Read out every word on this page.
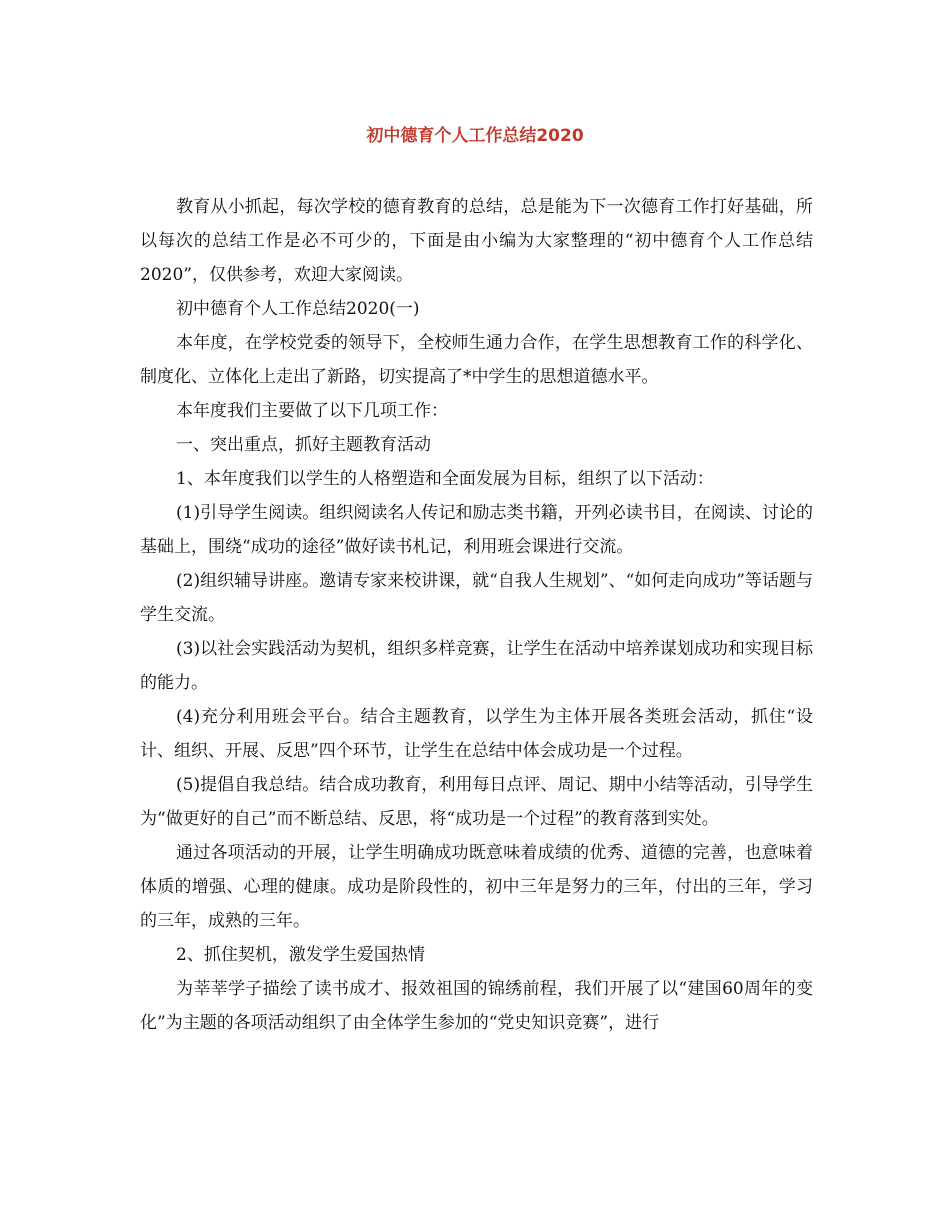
初中德育个人工作总结2020

教育从小抓起，每次学校的德育教育的总结，总是能为下一次德育工作打好基础，所以每次的总结工作是必不可少的，下面是由小编为大家整理的“初中德育个人工作总结2020”，仅供参考，欢迎大家阅读。

初中德育个人工作总结2020(一)

本年度，在学校党委的领导下，全校师生通力合作，在学生思想教育工作的科学化、制度化、立体化上走出了新路，切实提高了*中学生的思想道德水平。

本年度我们主要做了以下几项工作：

一、突出重点，抓好主题教育活动

1、本年度我们以学生的人格塑造和全面发展为目标，组织了以下活动：

(1)引导学生阅读。组织阅读名人传记和励志类书籍，开列必读书目，在阅读、讨论的基础上，围绕“成功的途径”做好读书札记，利用班会课进行交流。

(2)组织辅导讲座。邀请专家来校讲课，就“自我人生规划”、“如何走向成功”等话题与学生交流。

(3)以社会实践活动为契机，组织多样竞赛，让学生在活动中培养谋划成功和实现目标的能力。

(4)充分利用班会平台。结合主题教育，以学生为主体开展各类班会活动，抓住“设计、组织、开展、反思”四个环节，让学生在总结中体会成功是一个过程。

(5)提倡自我总结。结合成功教育，利用每日点评、周记、期中小结等活动，引导学生为“做更好的自己”而不断总结、反思，将“成功是一个过程”的教育落到实处。

通过各项活动的开展，让学生明确成功既意味着成绩的优秀、道德的完善，也意味着体质的增强、心理的健康。成功是阶段性的，初中三年是努力的三年，付出的三年，学习的三年，成熟的三年。

2、抓住契机，激发学生爱国热情

为莘莘学子描绘了读书成才、报效祖国的锦绣前程，我们开展了以“建国60周年的变化”为主题的各项活动组织了由全体学生参加的“党史知识竞赛”，进行
